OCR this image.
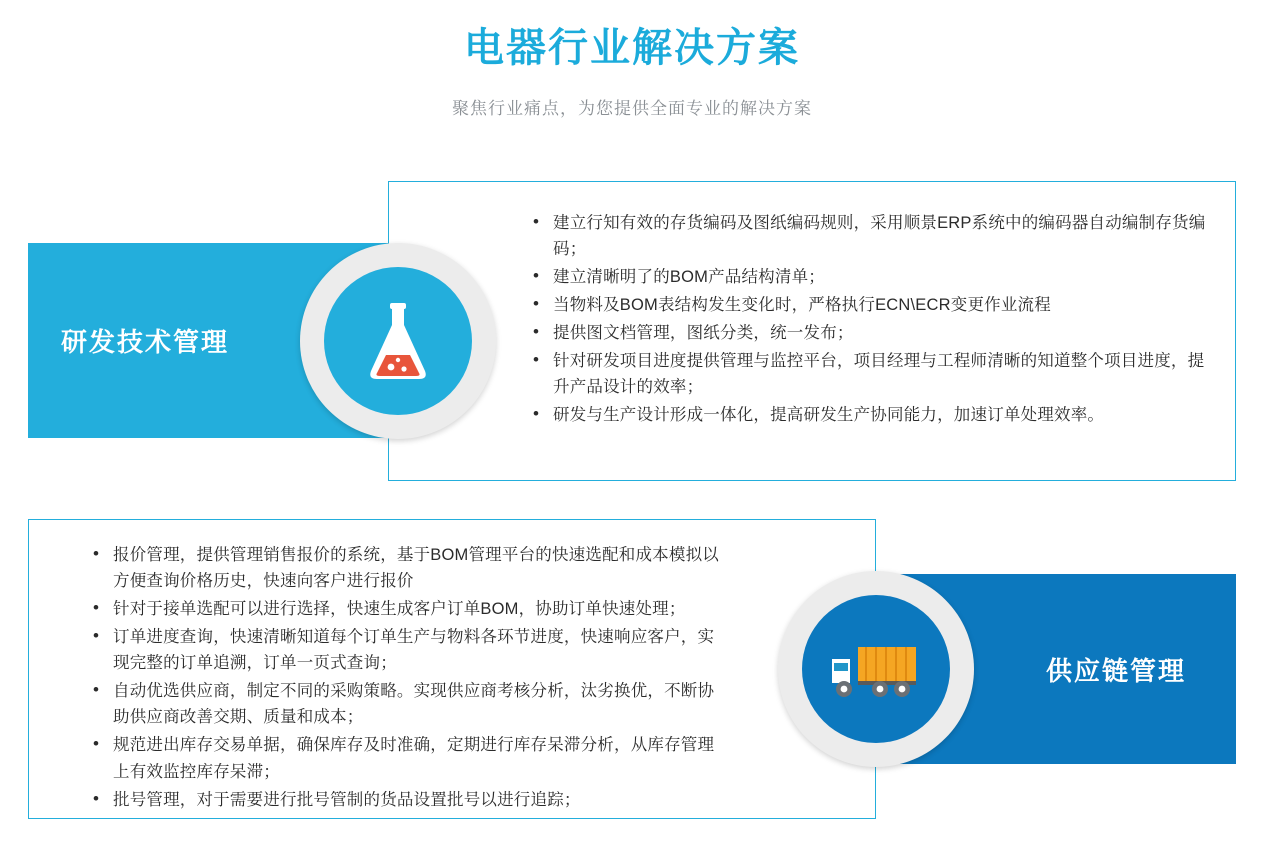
电器行业解决方案
聚焦行业痛点，为您提供全面专业的解决方案
研发技术管理
• 建立行知有效的存货编码及图纸编码规则，采用顺景ERP系统中的编码器自动编制存货编码；
• 建立清晰明了的BOM产品结构清单；
• 当物料及BOM表结构发生变化时，严格执行ECN\ECR变更作业流程
• 提供图文档管理，图纸分类，统一发布；
• 针对研发项目进度提供管理与监控平台，项目经理与工程师清晰的知道整个项目进度，提升产品设计的效率；
• 研发与生产设计形成一体化，提高研发生产协同能力，加速订单处理效率。
• 报价管理，提供管理销售报价的系统，基于BOM管理平台的快速选配和成本模拟以方便查询价格历史，快速向客户进行报价
• 针对于接单选配可以进行选择，快速生成客户订单BOM，协助订单快速处理；
• 订单进度查询，快速清晰知道每个订单生产与物料各环节进度，快速响应客户，实现完整的订单追溯，订单一页式查询；
• 自动优选供应商，制定不同的采购策略。实现供应商考核分析，汰劣换优，不断协助供应商改善交期、质量和成本；
• 规范进出库存交易单据，确保库存及时准确，定期进行库存呆滞分析，从库存管理上有效监控库存呆滞；
• 批号管理，对于需要进行批号管制的货品设置批号以进行追踪；
供应链管理
